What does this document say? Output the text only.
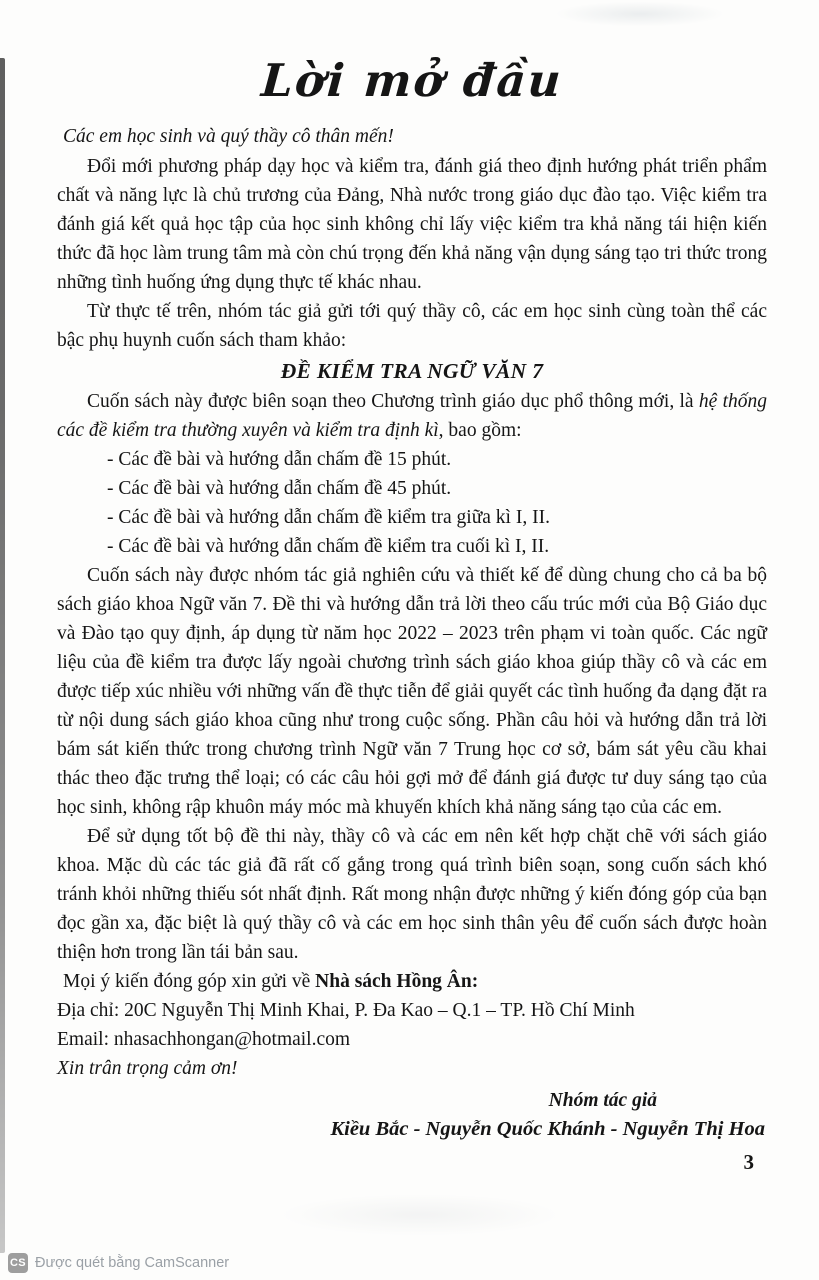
Lời mở đầu

Các em học sinh và quý thầy cô thân mến!

Đổi mới phương pháp dạy học và kiểm tra, đánh giá theo định hướng phát triển phẩm chất và năng lực là chủ trương của Đảng, Nhà nước trong giáo dục đào tạo. Việc kiểm tra đánh giá kết quả học tập của học sinh không chỉ lấy việc kiểm tra khả năng tái hiện kiến thức đã học làm trung tâm mà còn chú trọng đến khả năng vận dụng sáng tạo tri thức trong những tình huống ứng dụng thực tế khác nhau.

Từ thực tế trên, nhóm tác giả gửi tới quý thầy cô, các em học sinh cùng toàn thể các bậc phụ huynh cuốn sách tham khảo:

ĐỀ KIỂM TRA NGỮ VĂN 7

Cuốn sách này được biên soạn theo Chương trình giáo dục phổ thông mới, là hệ thống các đề kiểm tra thường xuyên và kiểm tra định kì, bao gồm:

- Các đề bài và hướng dẫn chấm đề 15 phút.

- Các đề bài và hướng dẫn chấm đề 45 phút.

- Các đề bài và hướng dẫn chấm đề kiểm tra giữa kì I, II.

- Các đề bài và hướng dẫn chấm đề kiểm tra cuối kì I, II.

Cuốn sách này được nhóm tác giả nghiên cứu và thiết kế để dùng chung cho cả ba bộ sách giáo khoa Ngữ văn 7. Đề thi và hướng dẫn trả lời theo cấu trúc mới của Bộ Giáo dục và Đào tạo quy định, áp dụng từ năm học 2022 – 2023 trên phạm vi toàn quốc. Các ngữ liệu của đề kiểm tra được lấy ngoài chương trình sách giáo khoa giúp thầy cô và các em được tiếp xúc nhiều với những vấn đề thực tiễn để giải quyết các tình huống đa dạng đặt ra từ nội dung sách giáo khoa cũng như trong cuộc sống. Phần câu hỏi và hướng dẫn trả lời bám sát kiến thức trong chương trình Ngữ văn 7 Trung học cơ sở, bám sát yêu cầu khai thác theo đặc trưng thể loại; có các câu hỏi gợi mở để đánh giá được tư duy sáng tạo của học sinh, không rập khuôn máy móc mà khuyến khích khả năng sáng tạo của các em.

Để sử dụng tốt bộ đề thi này, thầy cô và các em nên kết hợp chặt chẽ với sách giáo khoa. Mặc dù các tác giả đã rất cố gắng trong quá trình biên soạn, song cuốn sách khó tránh khỏi những thiếu sót nhất định. Rất mong nhận được những ý kiến đóng góp của bạn đọc gần xa, đặc biệt là quý thầy cô và các em học sinh thân yêu để cuốn sách được hoàn thiện hơn trong lần tái bản sau.

Mọi ý kiến đóng góp xin gửi về Nhà sách Hồng Ân:

Địa chỉ: 20C Nguyễn Thị Minh Khai, P. Đa Kao – Q.1 – TP. Hồ Chí Minh

Email: nhasachhongan@hotmail.com

Xin trân trọng cảm ơn!

Nhóm tác giả

Kiều Bắc - Nguyễn Quốc Khánh - Nguyễn Thị Hoa

3

CS Được quét bằng CamScanner
